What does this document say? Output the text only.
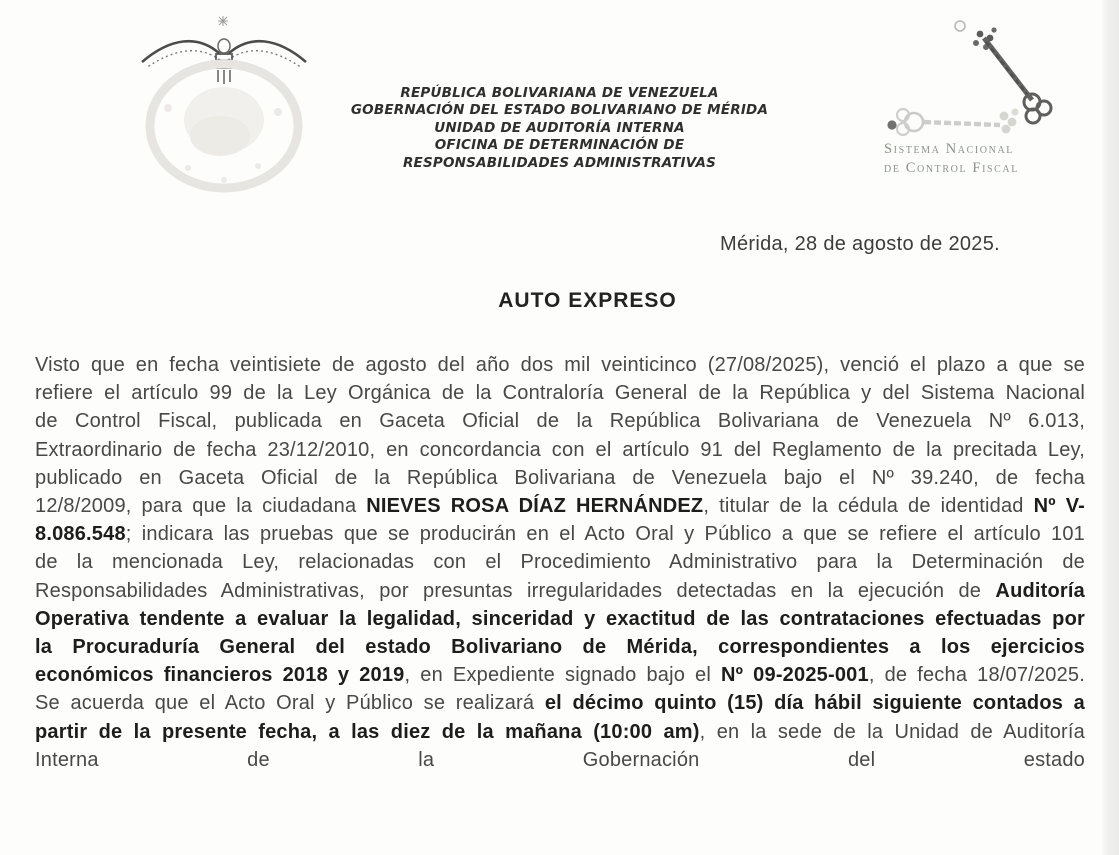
REPÚBLICA BOLIVARIANA DE VENEZUELA
GOBERNACIÓN DEL ESTADO BOLIVARIANO DE MÉRIDA
UNIDAD DE AUDITORÍA INTERNA
OFICINA DE DETERMINACIÓN DE
RESPONSABILIDADES ADMINISTRATIVAS
Sistema Nacional
de Control Fiscal
Mérida, 28 de agosto de 2025.
AUTO EXPRESO
Visto que en fecha veintisiete de agosto del año dos mil veinticinco (27/08/2025), venció el plazo a que se refiere el artículo 99 de la Ley Orgánica de la Contraloría General de la República y del Sistema Nacional de Control Fiscal, publicada en Gaceta Oficial de la República Bolivariana de Venezuela Nº 6.013, Extraordinario de fecha 23/12/2010, en concordancia con el artículo 91 del Reglamento de la precitada Ley, publicado en Gaceta Oficial de la República Bolivariana de Venezuela bajo el Nº 39.240, de fecha 12/8/2009, para que la ciudadana NIEVES ROSA DÍAZ HERNÁNDEZ, titular de la cédula de identidad Nº V- 8.086.548; indicara las pruebas que se producirán en el Acto Oral y Público a que se refiere el artículo 101 de la mencionada Ley, relacionadas con el Procedimiento Administrativo para la Determinación de Responsabilidades Administrativas, por presuntas irregularidades detectadas en la ejecución de Auditoría Operativa tendente a evaluar la legalidad, sinceridad y exactitud de las contrataciones efectuadas por la Procuraduría General del estado Bolivariano de Mérida, correspondientes a los ejercicios económicos financieros 2018 y 2019, en Expediente signado bajo el Nº 09-2025-001, de fecha 18/07/2025. Se acuerda que el Acto Oral y Público se realizará el décimo quinto (15) día hábil siguiente contados a partir de la presente fecha, a las diez de la mañana (10:00 am), en la sede de la Unidad de Auditoría Interna de la Gobernación del estado
